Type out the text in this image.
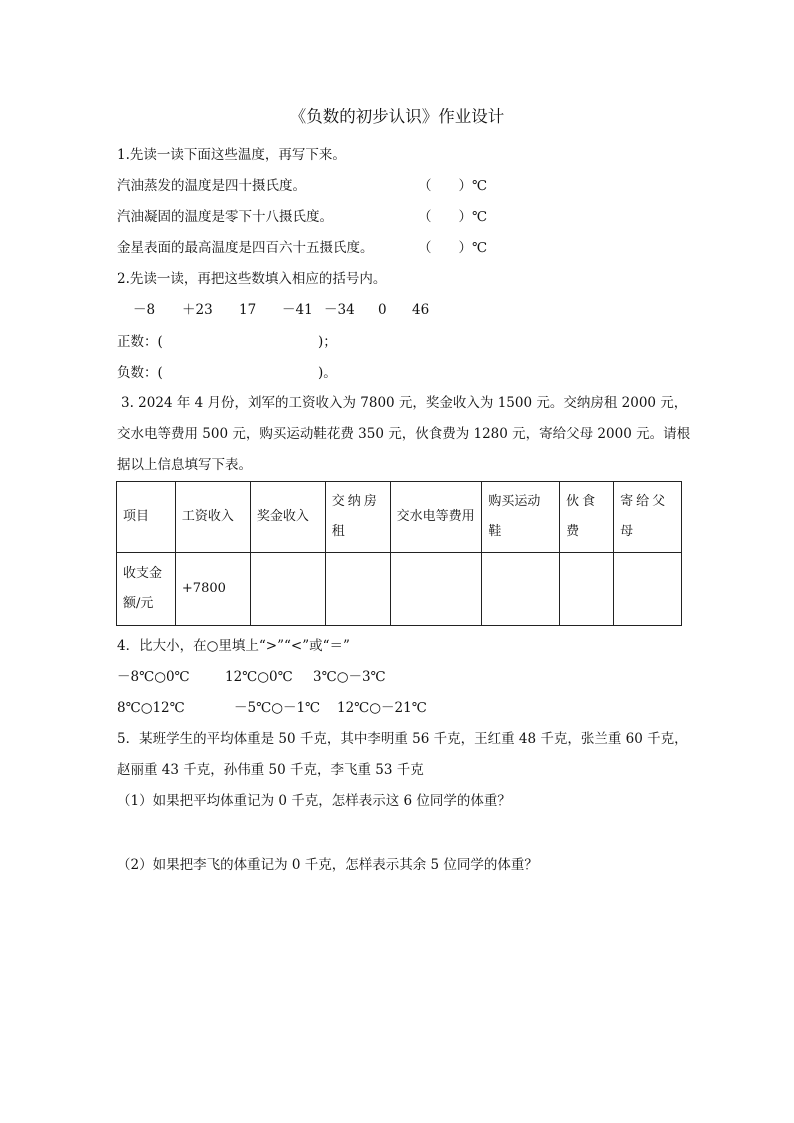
《负数的初步认识》作业设计
1.先读一读下面这些温度，再写下来。
汽油蒸发的温度是四十摄氏度。	（　　）℃
汽油凝固的温度是零下十八摄氏度。	（　　）℃
金星表面的最高温度是四百六十五摄氏度。	（　　）℃
2.先读一读，再把这些数填入相应的括号内。
－8 ＋23 17 －41 －34 0 46
正数：(	)；
负数：(	)。
3. 2024 年 4 月份，刘军的工资收入为 7800 元，奖金收入为 1500 元。交纳房租 2000 元，
交水电等费用 500 元，购买运动鞋花费 350 元，伙食费为 1280 元，寄给父母 2000 元。请根
据以上信息填写下表。
项目	工资收入	奖金收入	交纳房租	交水电等费用	购买运动鞋	伙食费	寄给父母
收支金额/元	+7800						
4．比大小，在○里填上“>”“<”或“＝”
－8℃○0℃	12℃○0℃ 3℃○－3℃
8℃○12℃	－5℃○－1℃ 12℃○－21℃
5．某班学生的平均体重是 50 千克，其中李明重 56 千克，王红重 48 千克，张兰重 60 千克，
赵丽重 43 千克，孙伟重 50 千克，李飞重 53 千克
（1）如果把平均体重记为 0 千克，怎样表示这 6 位同学的体重？
（2）如果把李飞的体重记为 0 千克，怎样表示其余 5 位同学的体重？
